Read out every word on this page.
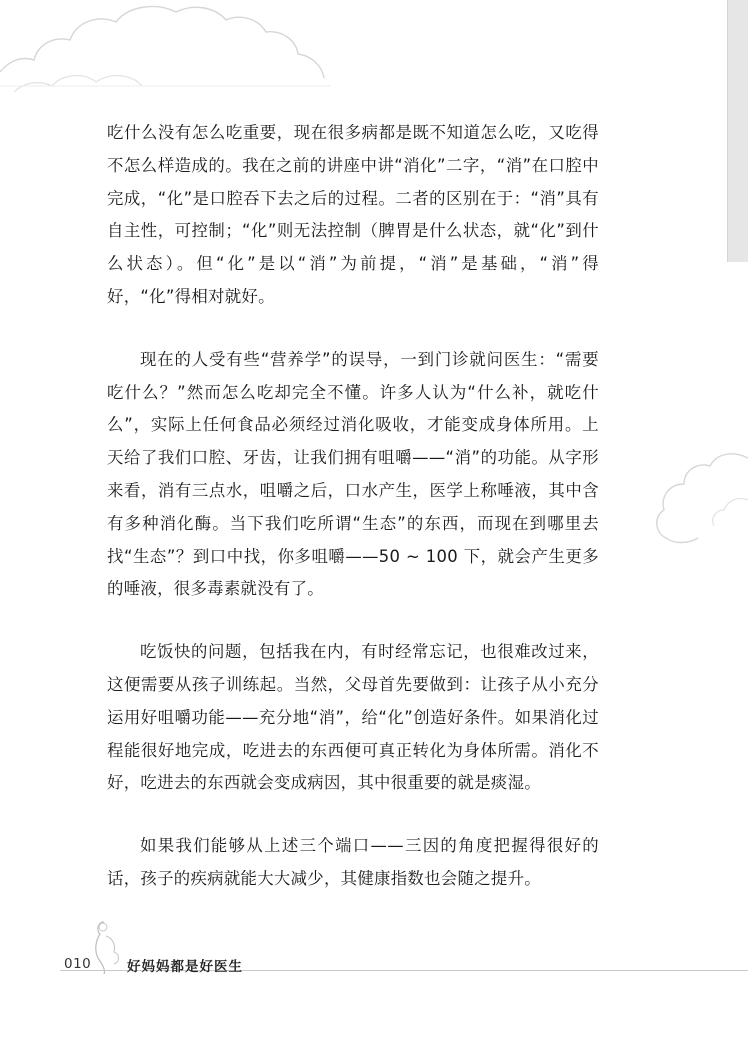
吃什么没有怎么吃重要，现在很多病都是既不知道怎么吃，又吃得不怎么样造成的。我在之前的讲座中讲“消化”二字，“消”在口腔中完成，“化”是口腔吞下去之后的过程。二者的区别在于：“消”具有自主性，可控制；“化”则无法控制（脾胃是什么状态，就“化”到什么状态）。但“化”是以“消”为前提，“消”是基础，“消”得好，“化”得相对就好。

现在的人受有些“营养学”的误导，一到门诊就问医生：“需要吃什么？”然而怎么吃却完全不懂。许多人认为“什么补，就吃什么”，实际上任何食品必须经过消化吸收，才能变成身体所用。上天给了我们口腔、牙齿，让我们拥有咀嚼——“消”的功能。从字形来看，消有三点水，咀嚼之后，口水产生，医学上称唾液，其中含有多种消化酶。当下我们吃所谓“生态”的东西，而现在到哪里去找“生态”？到口中找，你多咀嚼——50 ~ 100 下，就会产生更多的唾液，很多毒素就没有了。

吃饭快的问题，包括我在内，有时经常忘记，也很难改过来，这便需要从孩子训练起。当然，父母首先要做到：让孩子从小充分运用好咀嚼功能——充分地“消”，给“化”创造好条件。如果消化过程能很好地完成，吃进去的东西便可真正转化为身体所需。消化不好，吃进去的东西就会变成病因，其中很重要的就是痰湿。

如果我们能够从上述三个端口——三因的角度把握得很好的话，孩子的疾病就能大大减少，其健康指数也会随之提升。

010	好妈妈都是好医生
